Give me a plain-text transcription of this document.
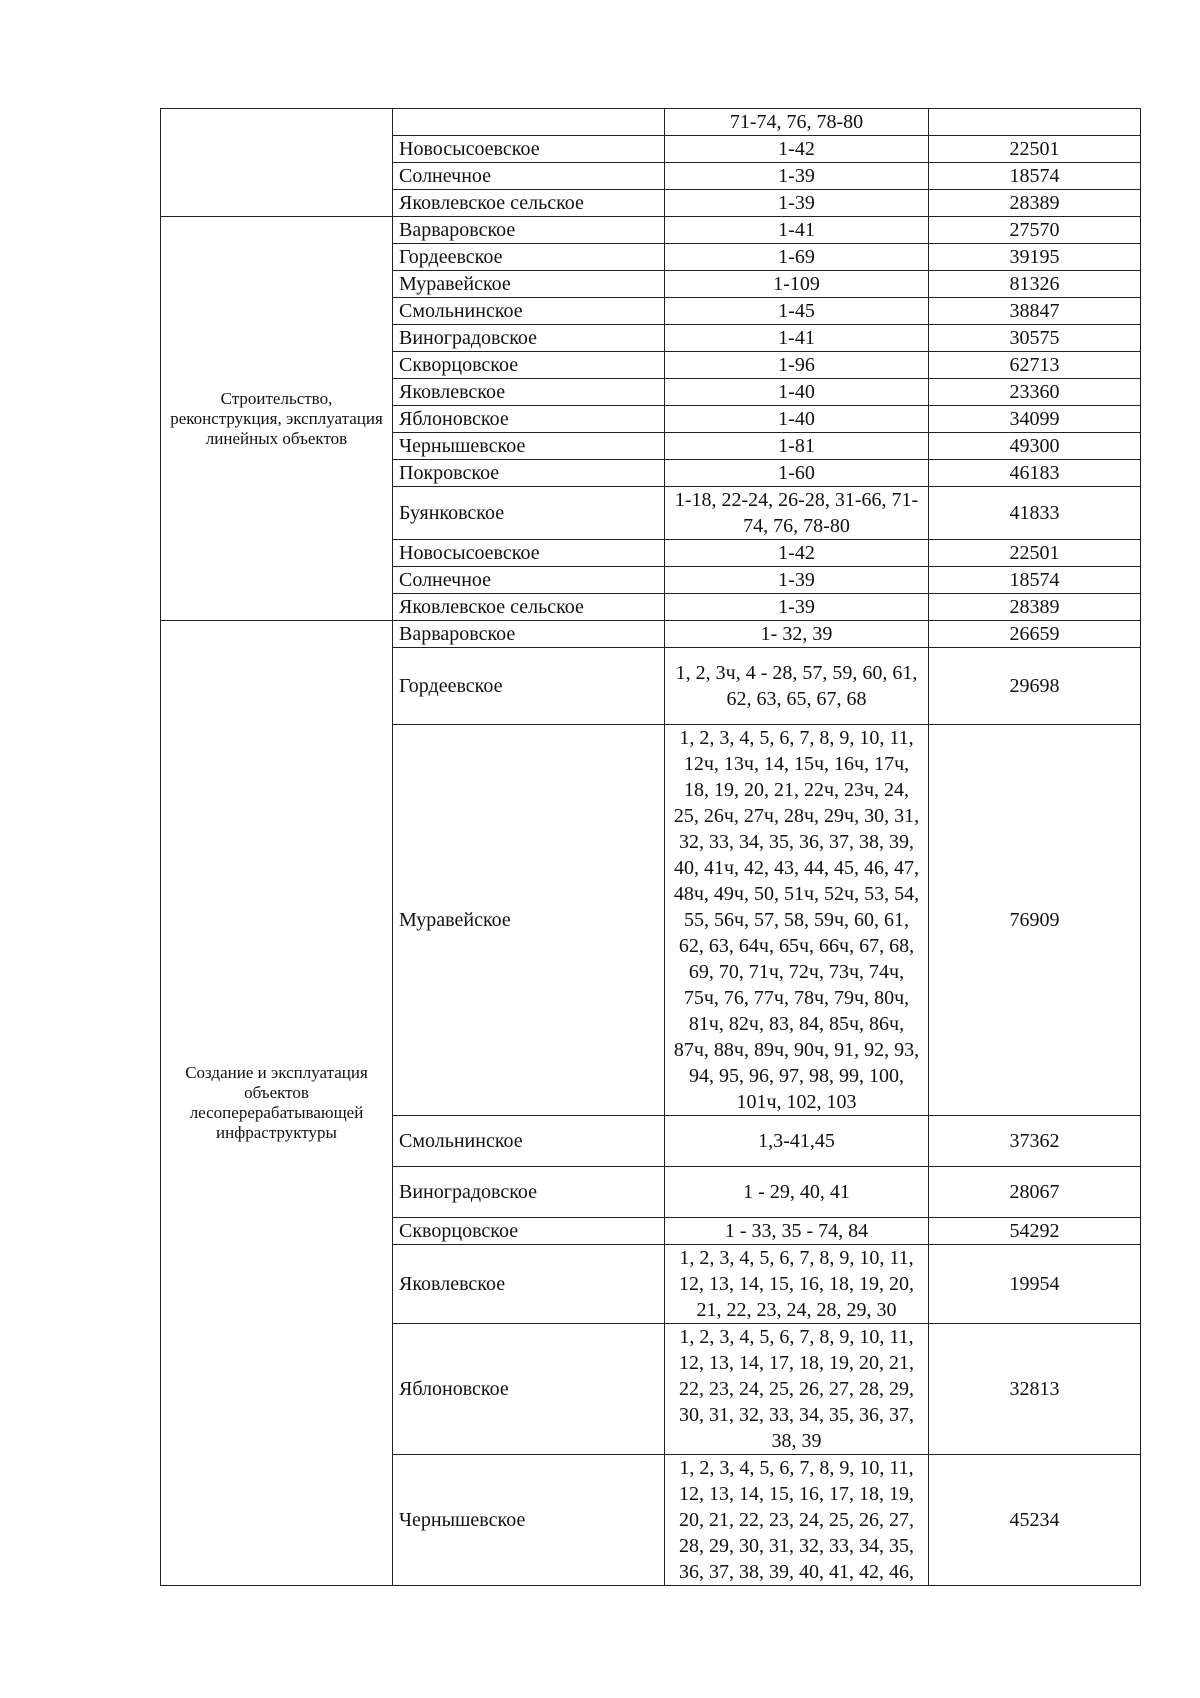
		71-74, 76, 78-80	
	Новосысоевское	1-42	22501
	Солнечное	1-39	18574
	Яковлевское сельское	1-39	28389
Строительство, реконструкция, эксплуатация линейных объектов	Варваровское	1-41	27570
	Гордеевское	1-69	39195
	Муравейское	1-109	81326
	Смольнинское	1-45	38847
	Виноградовское	1-41	30575
	Скворцовское	1-96	62713
	Яковлевское	1-40	23360
	Яблоновское	1-40	34099
	Чернышевское	1-81	49300
	Покровское	1-60	46183
	Буянковское	1-18, 22-24, 26-28, 31-66, 71-74, 76, 78-80	41833
	Новосысоевское	1-42	22501
	Солнечное	1-39	18574
	Яковлевское сельское	1-39	28389
Создание и эксплуатация объектов лесоперерабатывающей инфраструктуры	Варваровское	1- 32, 39	26659
	Гордеевское	1, 2, 3ч, 4 - 28, 57, 59, 60, 61, 62, 63, 65, 67, 68	29698
	Муравейское	1, 2, 3, 4, 5, 6, 7, 8, 9, 10, 11, 12ч, 13ч, 14, 15ч, 16ч, 17ч, 18, 19, 20, 21, 22ч, 23ч, 24, 25, 26ч, 27ч, 28ч, 29ч, 30, 31, 32, 33, 34, 35, 36, 37, 38, 39, 40, 41ч, 42, 43, 44, 45, 46, 47, 48ч, 49ч, 50, 51ч, 52ч, 53, 54, 55, 56ч, 57, 58, 59ч, 60, 61, 62, 63, 64ч, 65ч, 66ч, 67, 68, 69, 70, 71ч, 72ч, 73ч, 74ч, 75ч, 76, 77ч, 78ч, 79ч, 80ч, 81ч, 82ч, 83, 84, 85ч, 86ч, 87ч, 88ч, 89ч, 90ч, 91, 92, 93, 94, 95, 96, 97, 98, 99, 100, 101ч, 102, 103	76909
	Смольнинское	1,3-41,45	37362
	Виноградовское	1 - 29, 40, 41	28067
	Скворцовское	1 - 33, 35 - 74, 84	54292
	Яковлевское	1, 2, 3, 4, 5, 6, 7, 8, 9, 10, 11, 12, 13, 14, 15, 16, 18, 19, 20, 21, 22, 23, 24, 28, 29, 30	19954
	Яблоновское	1, 2, 3, 4, 5, 6, 7, 8, 9, 10, 11, 12, 13, 14, 17, 18, 19, 20, 21, 22, 23, 24, 25, 26, 27, 28, 29, 30, 31, 32, 33, 34, 35, 36, 37, 38, 39	32813
	Чернышевское	1, 2, 3, 4, 5, 6, 7, 8, 9, 10, 11, 12, 13, 14, 15, 16, 17, 18, 19, 20, 21, 22, 23, 24, 25, 26, 27, 28, 29, 30, 31, 32, 33, 34, 35, 36, 37, 38, 39, 40, 41, 42, 46,	45234
